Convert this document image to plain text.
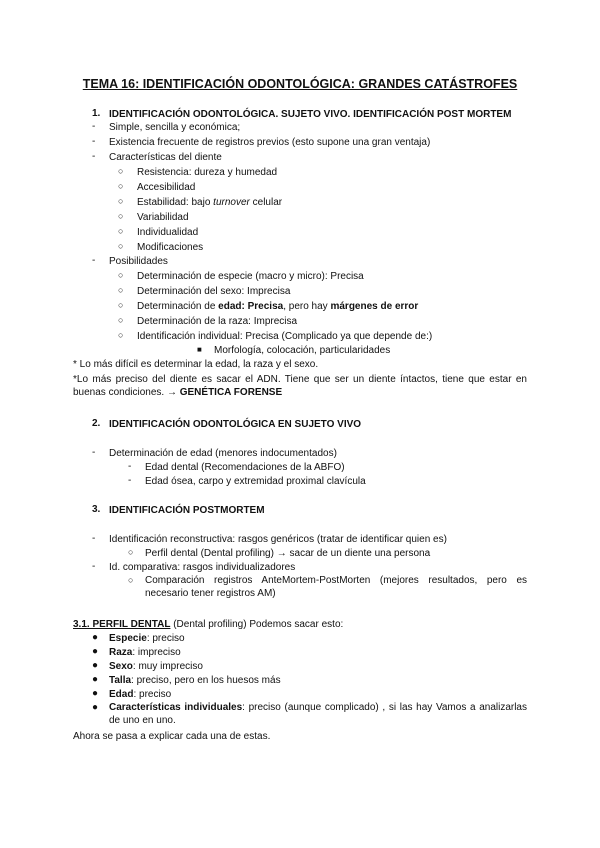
TEMA 16: IDENTIFICACIÓN ODONTOLÓGICA: GRANDES CATÁSTROFES
1. IDENTIFICACIÓN ODONTOLÓGICA. SUJETO VIVO. IDENTIFICACIÓN POST MORTEM
- Simple, sencilla y económica;
- Existencia frecuente de registros previos (esto supone una gran ventaja)
- Características del diente
○ Resistencia: dureza y humedad
○ Accesibilidad
○ Estabilidad: bajo turnover celular
○ Variabilidad
○ Individualidad
○ Modificaciones
- Posibilidades
○ Determinación de especie (macro y micro): Precisa
○ Determinación del sexo: Imprecisa
○ Determinación de edad: Precisa, pero hay márgenes de error
○ Determinación de la raza: Imprecisa
○ Identificación individual: Precisa (Complicado ya que depende de:)
■ Morfología, colocación, particularidades
* Lo más difícil es determinar la edad, la raza y el sexo.
*Lo más preciso del diente es sacar el ADN. Tiene que ser un diente íntactos, tiene que estar en buenas condiciones. → GENÉTICA FORENSE
2. IDENTIFICACIÓN ODONTOLÓGICA EN SUJETO VIVO
- Determinación de edad (menores indocumentados)
- Edad dental (Recomendaciones de la ABFO)
- Edad ósea, carpo y extremidad proximal clavícula
3. IDENTIFICACIÓN POSTMORTEM
- Identificación reconstructiva: rasgos genéricos (tratar de identificar quien es)
○ Perfil dental (Dental profiling) → sacar de un diente una persona
- Id. comparativa: rasgos individualizadores
○ Comparación registros AnteMortem-PostMorten (mejores resultados, pero es necesario tener registros AM)
3.1. PERFIL DENTAL (Dental profiling) Podemos sacar esto:
● Especie: preciso
● Raza: impreciso
● Sexo: muy impreciso
● Talla: preciso, pero en los huesos más
● Edad: preciso
● Características individuales: preciso (aunque complicado) , si las hay Vamos a analizarlas de uno en uno.
Ahora se pasa a explicar cada una de estas.
